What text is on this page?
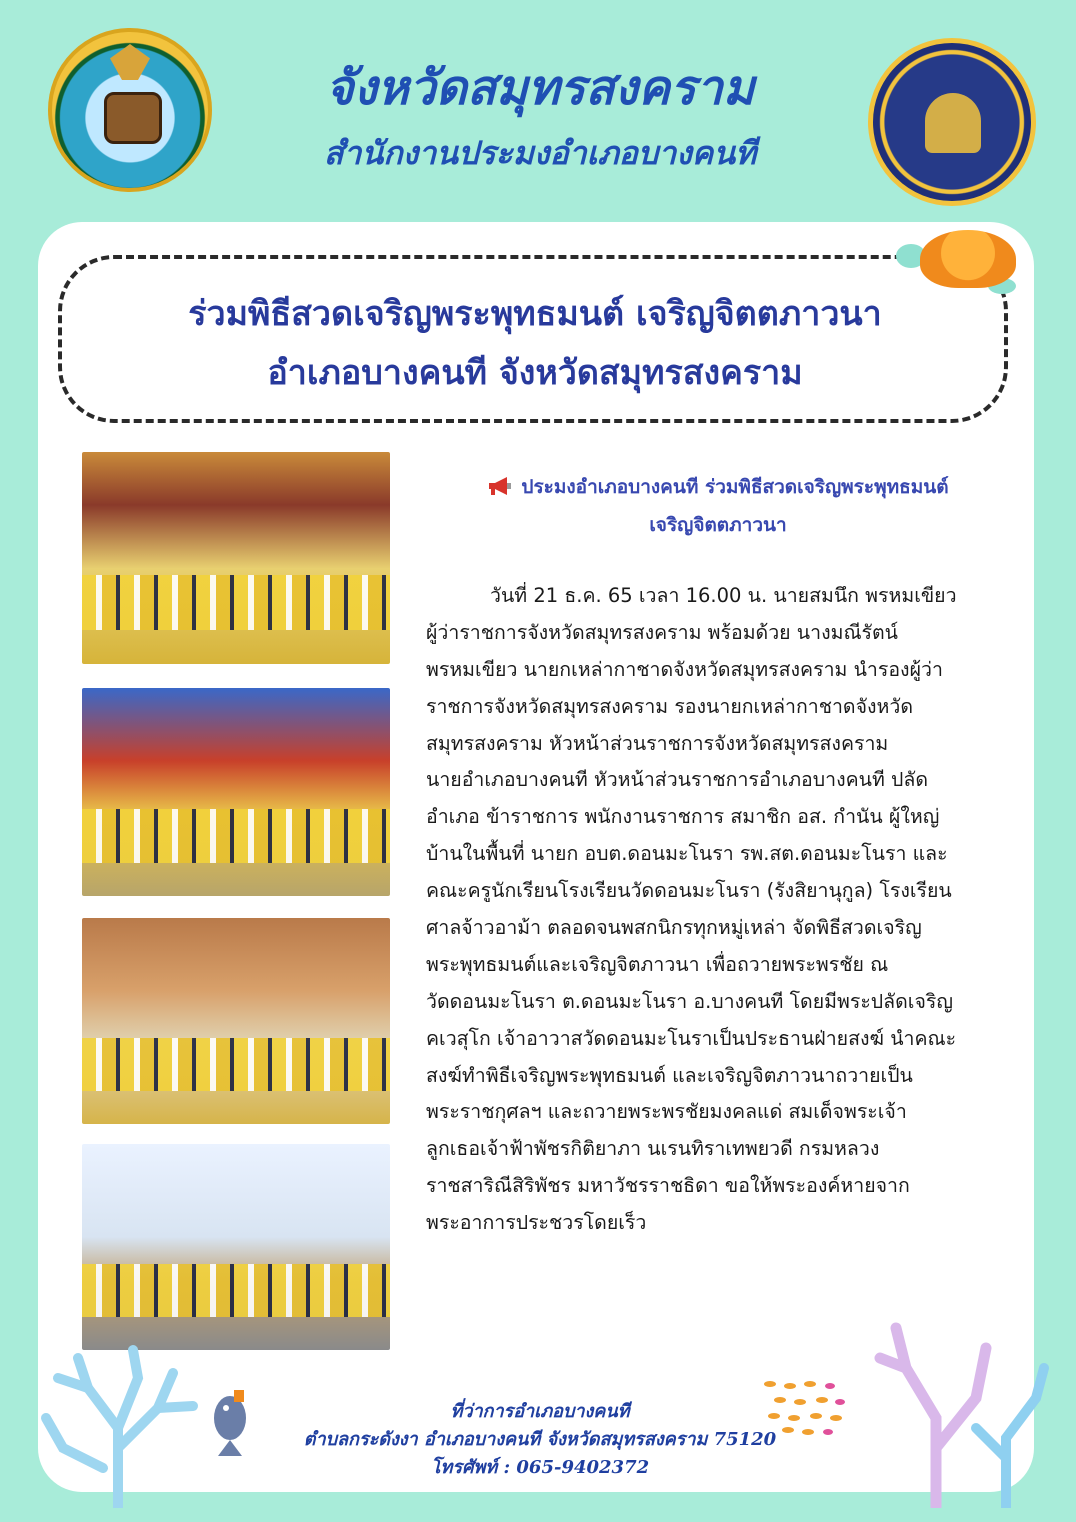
จังหวัดสมุทรสงคราม
สำนักงานประมงอำเภอบางคนที
ร่วมพิธีสวดเจริญพระพุทธมนต์ เจริญจิตตภาวนา
อำเภอบางคนที จังหวัดสมุทรสงคราม
ประมงอำเภอบางคนที ร่วมพิธีสวดเจริญพระพุทธมนต์
เจริญจิตตภาวนา
วันที่ 21 ธ.ค. 65 เวลา 16.00 น. นายสมนึก พรหมเขียว
ผู้ว่าราชการจังหวัดสมุทรสงคราม พร้อมด้วย นางมณีรัตน์
พรหมเขียว นายกเหล่ากาชาดจังหวัดสมุทรสงคราม นำรองผู้ว่า
ราชการจังหวัดสมุทรสงคราม รองนายกเหล่ากาชาดจังหวัด
สมุทรสงคราม หัวหน้าส่วนราชการจังหวัดสมุทรสงคราม
นายอำเภอบางคนที หัวหน้าส่วนราชการอำเภอบางคนที ปลัด
อำเภอ ข้าราชการ พนักงานราชการ สมาชิก อส. กำนัน ผู้ใหญ่
บ้านในพื้นที่ นายก อบต.ดอนมะโนรา รพ.สต.ดอนมะโนรา และ
คณะครูนักเรียนโรงเรียนวัดดอนมะโนรา (รังสิยานุกูล) โรงเรียน
ศาลจ้าวอาม้า ตลอดจนพสกนิกรทุกหมู่เหล่า จัดพิธีสวดเจริญ
พระพุทธมนต์และเจริญจิตภาวนา เพื่อถวายพระพรชัย ณ
วัดดอนมะโนรา ต.ดอนมะโนรา อ.บางคนที โดยมีพระปลัดเจริญ
คเวสุโก เจ้าอาวาสวัดดอนมะโนราเป็นประธานฝ่ายสงฆ์ นำคณะ
สงฆ์ทำพิธีเจริญพระพุทธมนต์ และเจริญจิตภาวนาถวายเป็น
พระราชกุศลฯ และถวายพระพรชัยมงคลแด่ สมเด็จพระเจ้า
ลูกเธอเจ้าฟ้าพัชรกิติยาภา นเรนทิราเทพยวดี กรมหลวง
ราชสาริณีสิริพัชร มหาวัชรราชธิดา ขอให้พระองค์หายจาก
พระอาการประชวรโดยเร็ว
ที่ว่าการอำเภอบางคนที
ตำบลกระดังงา อำเภอบางคนที จังหวัดสมุทรสงคราม 75120
โทรศัพท์ : 065-9402372
